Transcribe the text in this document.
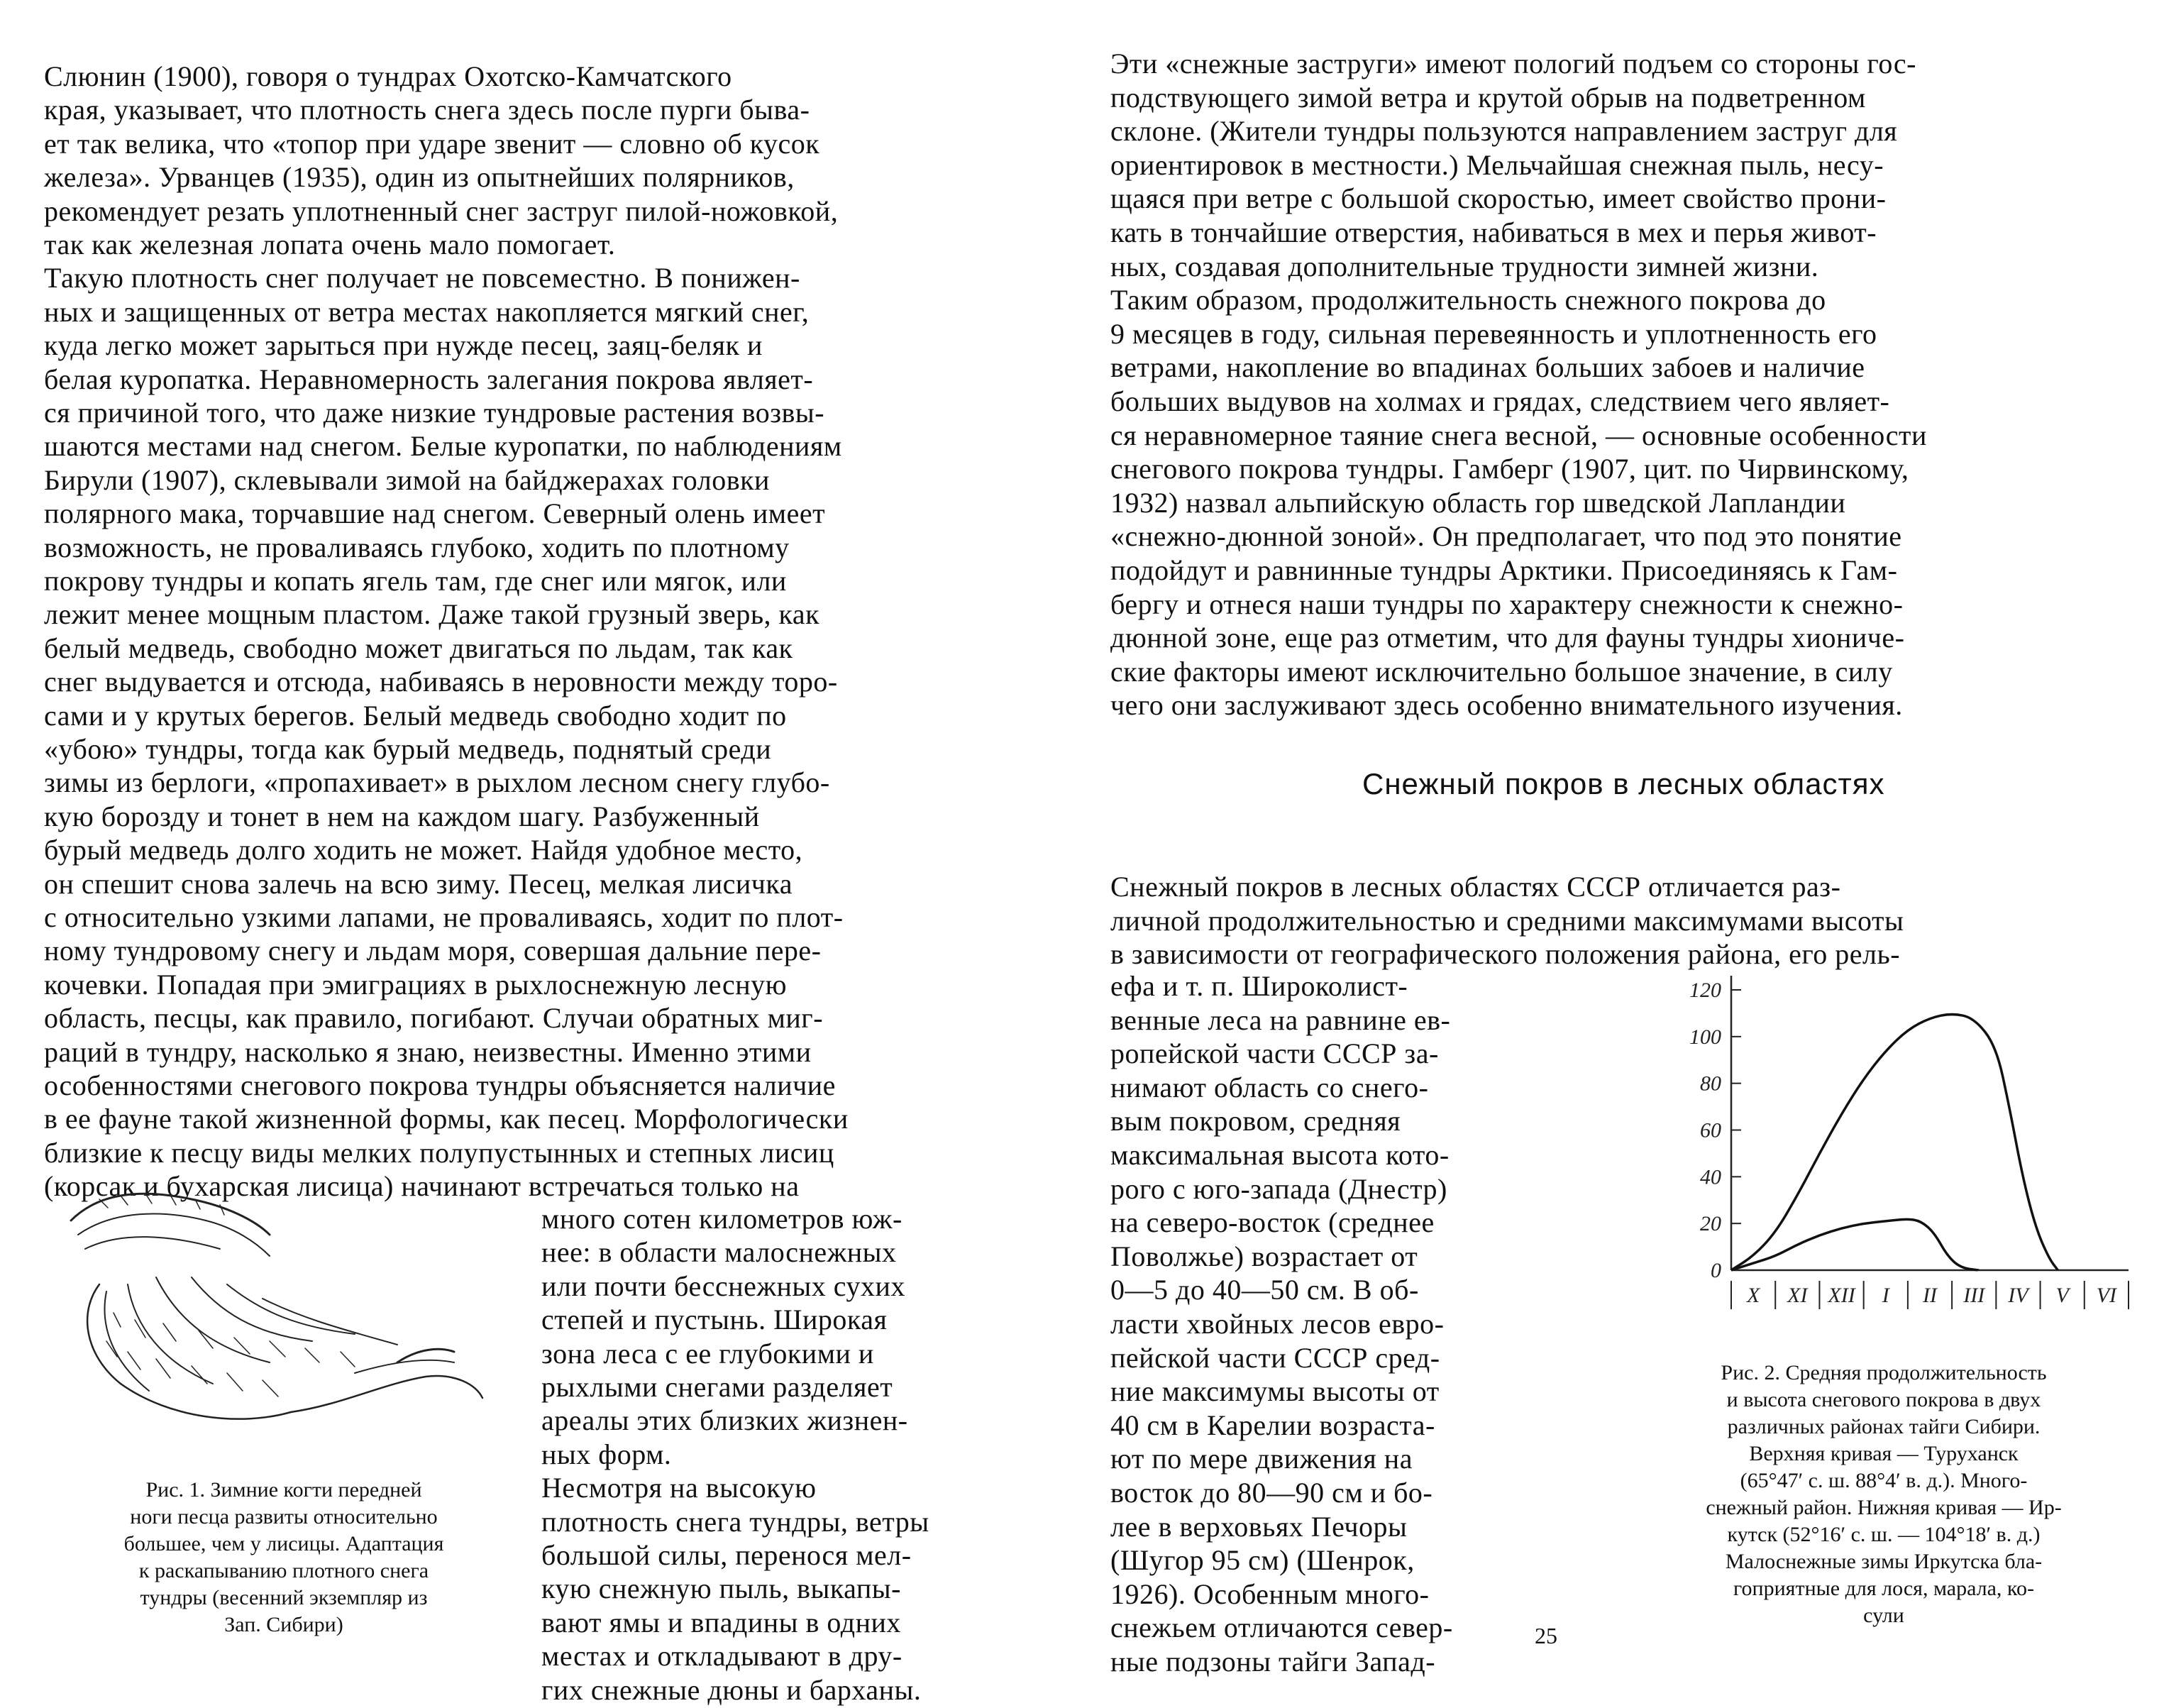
Слюнин (1900), говоря о тундрах Охотско-Камчатского
края, указывает, что плотность снега здесь после пурги быва-
ет так велика, что «топор при ударе звенит — словно об кусок
железа». Урванцев (1935), один из опытнейших полярников,
рекомендует резать уплотненный снег заструг пилой-ножовкой,
так как железная лопата очень мало помогает.
Такую плотность снег получает не повсеместно. В понижен-
ных и защищенных от ветра местах накопляется мягкий снег,
куда легко может зарыться при нужде песец, заяц-беляк и
белая куропатка. Неравномерность залегания покрова являет-
ся причиной того, что даже низкие тундровые растения возвы-
шаются местами над снегом. Белые куропатки, по наблюдениям
Бирули (1907), склевывали зимой на байджерахах головки
полярного мака, торчавшие над снегом. Северный олень имеет
возможность, не проваливаясь глубоко, ходить по плотному
покрову тундры и копать ягель там, где снег или мягок, или
лежит менее мощным пластом. Даже такой грузный зверь, как
белый медведь, свободно может двигаться по льдам, так как
снег выдувается и отсюда, набиваясь в неровности между торо-
сами и у крутых берегов. Белый медведь свободно ходит по
«убою» тундры, тогда как бурый медведь, поднятый среди
зимы из берлоги, «пропахивает» в рыхлом лесном снегу глубо-
кую борозду и тонет в нем на каждом шагу. Разбуженный
бурый медведь долго ходить не может. Найдя удобное место,
он спешит снова залечь на всю зиму. Песец, мелкая лисичка
с относительно узкими лапами, не проваливаясь, ходит по плот-
ному тундровому снегу и льдам моря, совершая дальние пере-
кочевки. Попадая при эмиграциях в рыхлоснежную лесную
область, песцы, как правило, погибают. Случаи обратных миг-
раций в тундру, насколько я знаю, неизвестны. Именно этими
особенностями снегового покрова тундры объясняется наличие
в ее фауне такой жизненной формы, как песец. Морфологически
близкие к песцу виды мелких полупустынных и степных лисиц
(корсак и бухарская лисица) начинают встречаться только на
много сотен километров юж-
нее: в области малоснежных
или почти бесснежных сухих
степей и пустынь. Широкая
зона леса с ее глубокими и
рыхлыми снегами разделяет
ареалы этих близких жизнен-
ных форм.
Несмотря на высокую
плотность снега тундры, ветры
большой силы, перенося мел-
кую снежную пыль, выкапы-
вают ямы и впадины в одних
местах и откладывают в дру-
гих снежные дюны и барханы.
Рис. 1. Зимние когти передней
ноги песца развиты относительно
большее, чем у лисицы. Адаптация
к раскапыванию плотного снега
тундры (весенний экземпляр из
Зап. Сибири)
Эти «снежные заструги» имеют пологий подъем со стороны гос-
подствующего зимой ветра и крутой обрыв на подветренном
склоне. (Жители тундры пользуются направлением заструг для
ориентировок в местности.) Мельчайшая снежная пыль, несу-
щаяся при ветре с большой скоростью, имеет свойство прони-
кать в тончайшие отверстия, набиваться в мех и перья живот-
ных, создавая дополнительные трудности зимней жизни.
Таким образом, продолжительность снежного покрова до
9 месяцев в году, сильная перевеянность и уплотненность его
ветрами, накопление во впадинах больших забоев и наличие
больших выдувов на холмах и грядах, следствием чего являет-
ся неравномерное таяние снега весной, — основные особенности
снегового покрова тундры. Гамберг (1907, цит. по Чирвинскому,
1932) назвал альпийскую область гор шведской Лапландии
«снежно-дюнной зоной». Он предполагает, что под это понятие
подойдут и равнинные тундры Арктики. Присоединяясь к Гам-
бергу и отнеся наши тундры по характеру снежности к снежно-
дюнной зоне, еще раз отметим, что для фауны тундры хиониче-
ские факторы имеют исключительно большое значение, в силу
чего они заслуживают здесь особенно внимательного изучения.
Снежный покров в лесных областях
Снежный покров в лесных областях СССР отличается раз-
личной продолжительностью и средними максимумами высоты
в зависимости от географического положения района, его рель-
ефа и т. п. Широколист-
венные леса на равнине ев-
ропейской части СССР за-
нимают область со снего-
вым покровом, средняя
максимальная высота кото-
рого с юго-запада (Днестр)
на северо-восток (среднее
Поволжье) возрастает от
0—5 до 40—50 см. В об-
ласти хвойных лесов евро-
пейской части СССР сред-
ние максимумы высоты от
40 см в Карелии возраста-
ют по мере движения на
восток до 80—90 см и бо-
лее в верховьях Печоры
(Шугор 95 см) (Шенрок,
1926). Особенным много-
снежьем отличаются север-
ные подзоны тайги Запад-
0
20
40
60
80
100
120
X XI XII I II III IV V VI
Рис. 2. Средняя продолжительность
и высота снегового покрова в двух
различных районах тайги Сибири.
Верхняя кривая — Туруханск
(65°47′ с. ш. 88°4′ в. д.). Много-
снежный район. Нижняя кривая — Ир-
кутск (52°16′ с. ш. — 104°18′ в. д.)
Малоснежные зимы Иркутска бла-
гоприятные для лося, марала, ко-
сули
25
